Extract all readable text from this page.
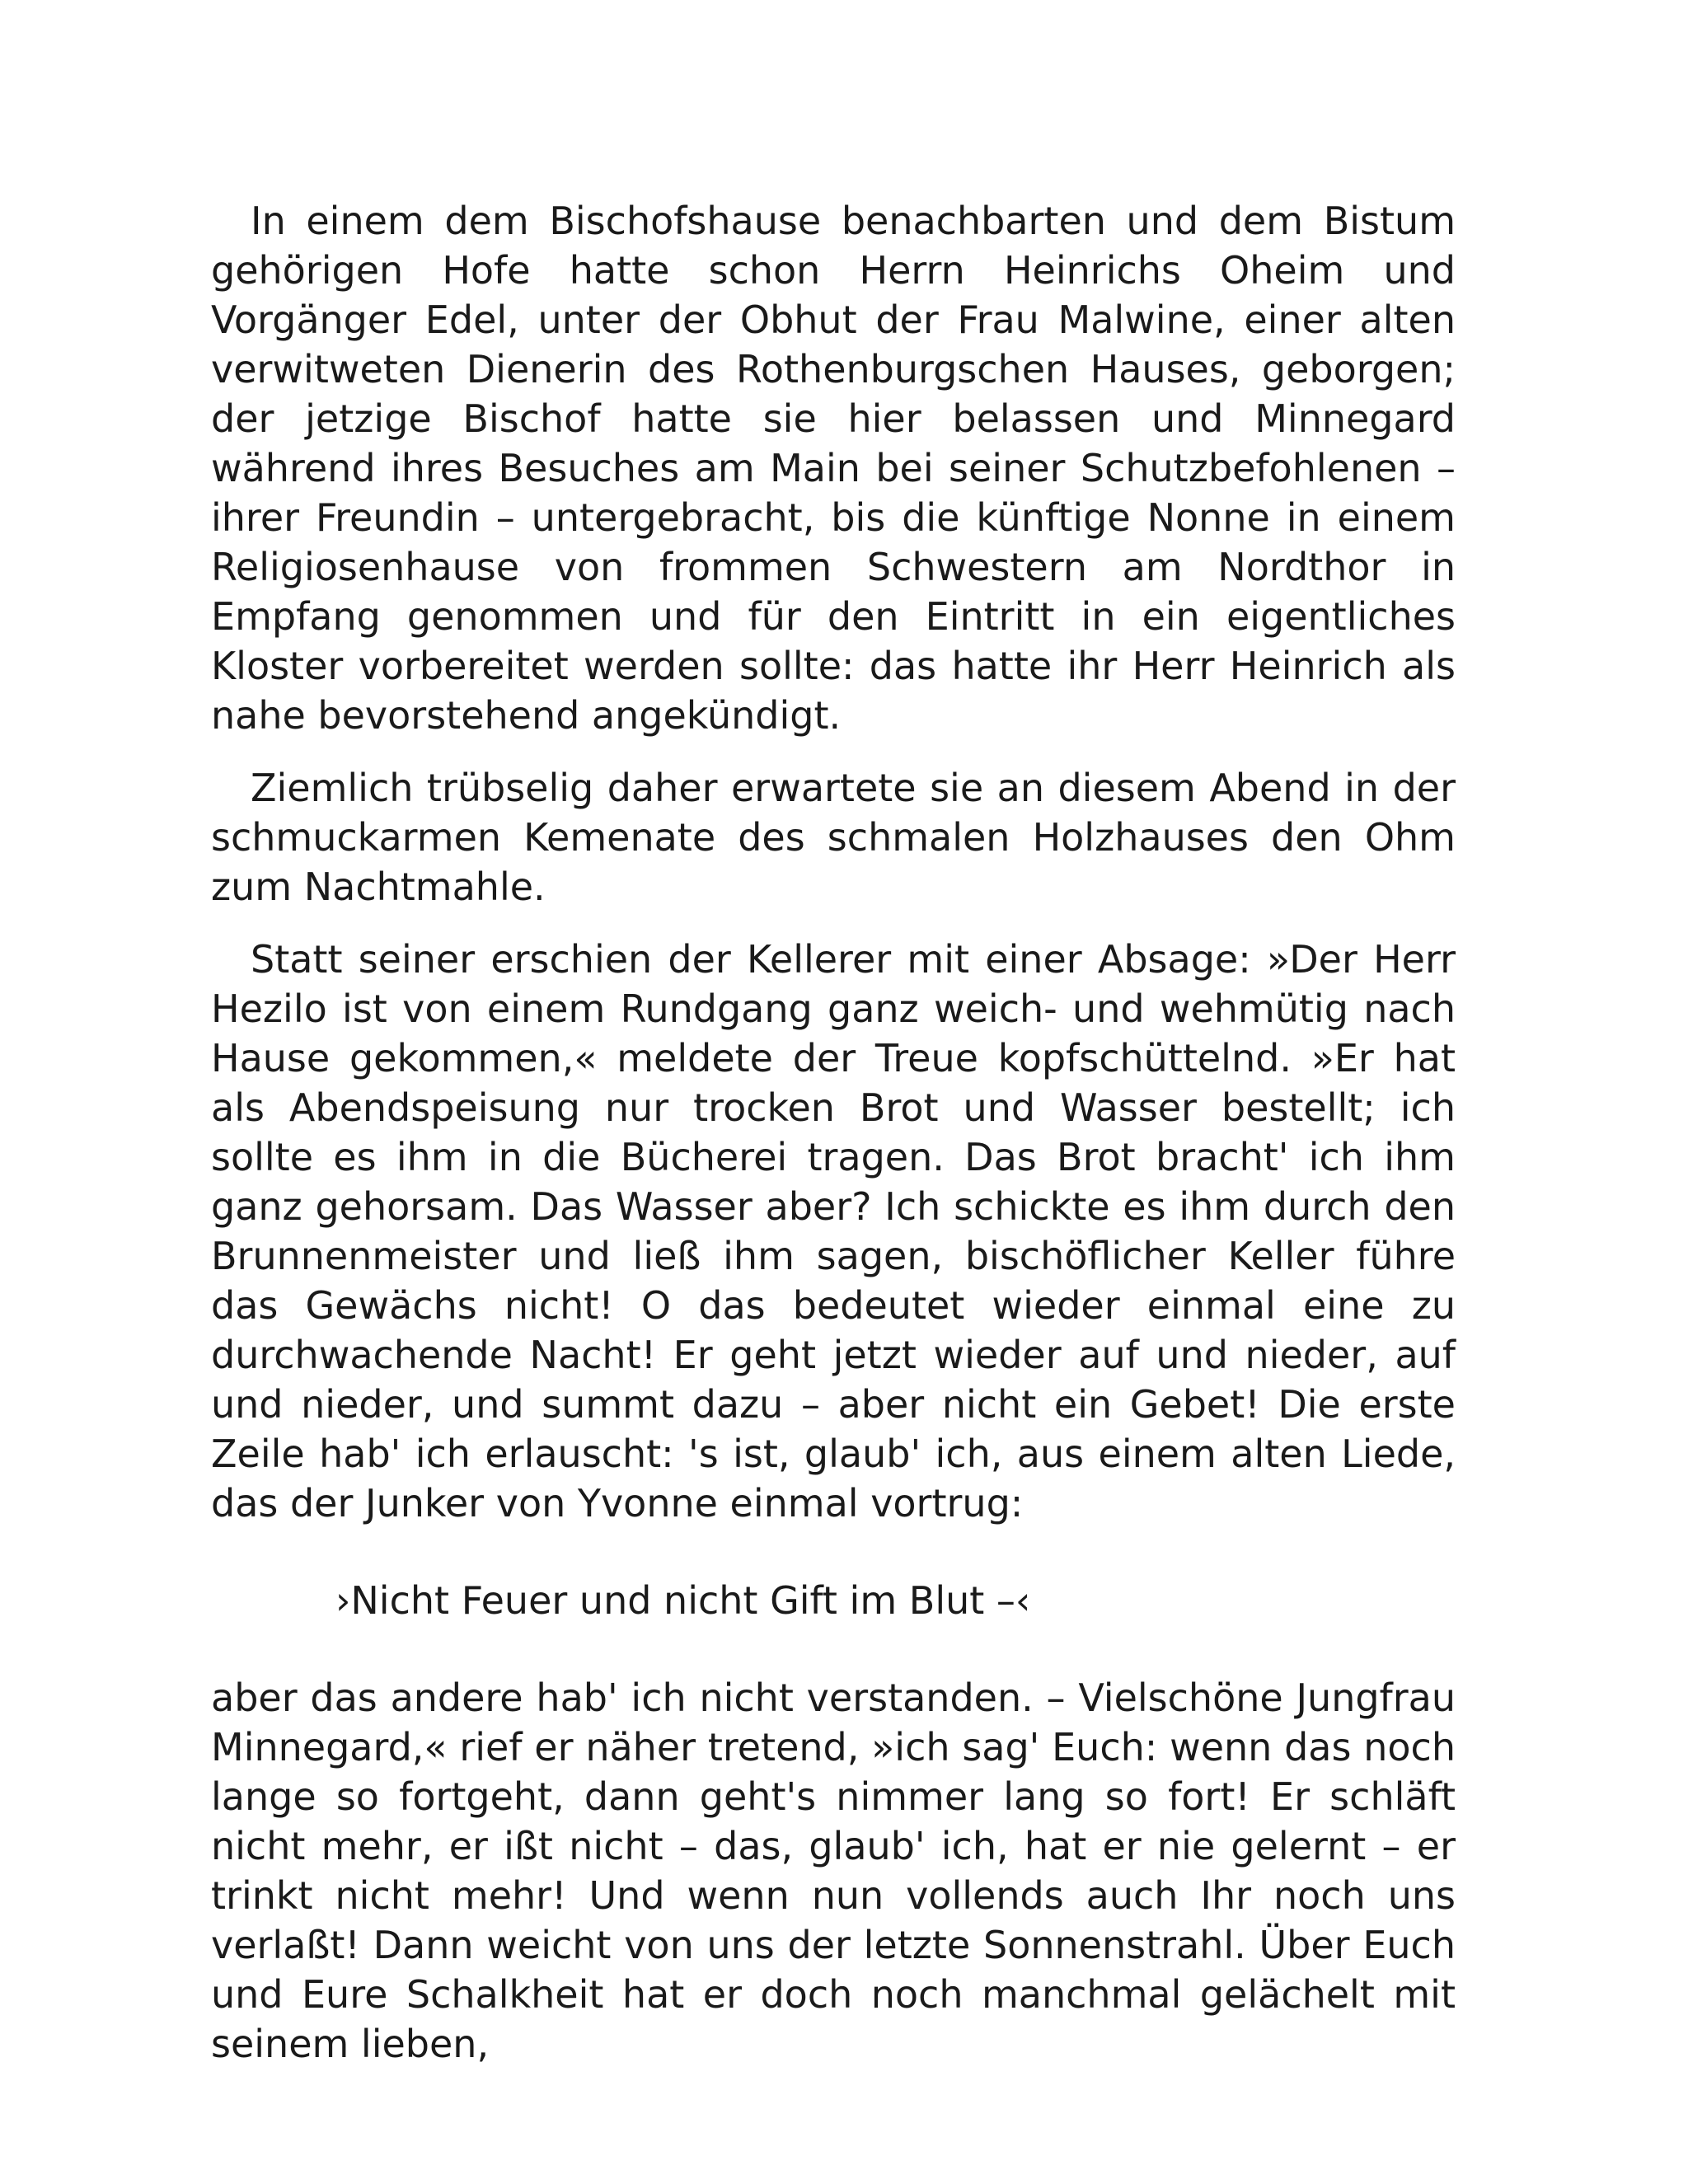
In einem dem Bischofshause benachbarten und dem Bistum gehörigen Hofe hatte schon Herrn Heinrichs Oheim und Vorgänger Edel, unter der Obhut der Frau Malwine, einer alten verwitweten Dienerin des Rothenburgschen Hauses, geborgen; der jetzige Bischof hatte sie hier belassen und Minnegard während ihres Besuches am Main bei seiner Schutzbefohlenen – ihrer Freundin – untergebracht, bis die künftige Nonne in einem Religiosenhause von frommen Schwestern am Nordthor in Empfang genommen und für den Eintritt in ein eigentliches Kloster vorbereitet werden sollte: das hatte ihr Herr Heinrich als nahe bevorstehend angekündigt.

Ziemlich trübselig daher erwartete sie an diesem Abend in der schmuckarmen Kemenate des schmalen Holzhauses den Ohm zum Nachtmahle.

Statt seiner erschien der Kellerer mit einer Absage: »Der Herr Hezilo ist von einem Rundgang ganz weich- und wehmütig nach Hause gekommen,« meldete der Treue kopfschüttelnd. »Er hat als Abendspeisung nur trocken Brot und Wasser bestellt; ich sollte es ihm in die Bücherei tragen. Das Brot bracht' ich ihm ganz gehorsam. Das Wasser aber? Ich schickte es ihm durch den Brunnenmeister und ließ ihm sagen, bischöflicher Keller führe das Gewächs nicht! O das bedeutet wieder einmal eine zu durchwachende Nacht! Er geht jetzt wieder auf und nieder, auf und nieder, und summt dazu – aber nicht ein Gebet! Die erste Zeile hab' ich erlauscht: 's ist, glaub' ich, aus einem alten Liede, das der Junker von Yvonne einmal vortrug:

›Nicht Feuer und nicht Gift im Blut –‹

aber das andere hab' ich nicht verstanden. – Vielschöne Jungfrau Minnegard,« rief er näher tretend, »ich sag' Euch: wenn das noch lange so fortgeht, dann geht's nimmer lang so fort! Er schläft nicht mehr, er ißt nicht – das, glaub' ich, hat er nie gelernt – er trinkt nicht mehr! Und wenn nun vollends auch Ihr noch uns verlaßt! Dann weicht von uns der letzte Sonnenstrahl. Über Euch und Eure Schalkheit hat er doch noch manchmal gelächelt mit seinem lieben,
